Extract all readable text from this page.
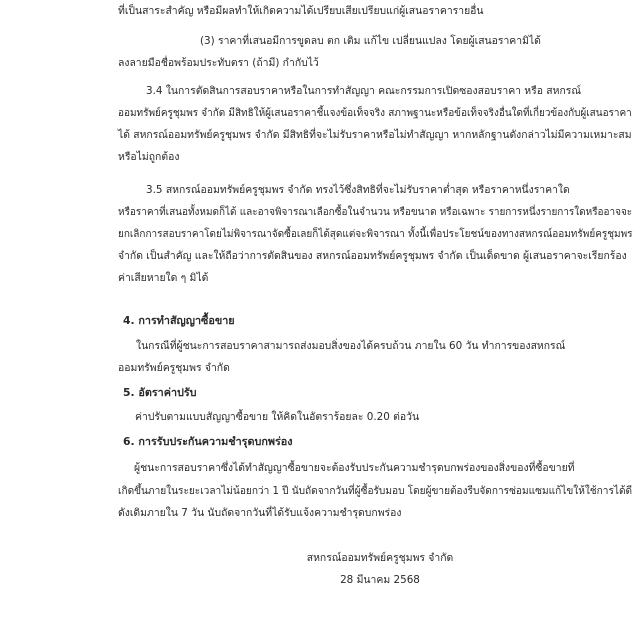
ที่เป็นสาระสำคัญ หรือมีผลทำให้เกิดความได้เปรียบเสียเปรียบแก่ผู้เสนอราคารายอื่น
(3) ราคาที่เสนอมีการขูดลบ ตก เติม แก้ไข เปลี่ยนแปลง โดยผู้เสนอราคามิได้
ลงลายมือชื่อพร้อมประทับตรา (ถ้ามี) กำกับไว้
3.4 ในการตัดสินการสอบราคาหรือในการทำสัญญา คณะกรรมการเปิดซองสอบราคา หรือ สหกรณ์
ออมทรัพย์ครูชุมพร จำกัด มีสิทธิให้ผู้เสนอราคาชี้แจงข้อเท็จจริง สภาพฐานะหรือข้อเท็จจริงอื่นใดที่เกี่ยวข้องกับผู้เสนอราคา
ได้ สหกรณ์ออมทรัพย์ครูชุมพร จำกัด มีสิทธิที่จะไม่รับราคาหรือไม่ทำสัญญา หากหลักฐานดังกล่าวไม่มีความเหมาะสม
หรือไม่ถูกต้อง
3.5 สหกรณ์ออมทรัพย์ครูชุมพร จำกัด ทรงไว้ซึ่งสิทธิที่จะไม่รับราคาต่ำสุด หรือราคาหนึ่งราคาใด
หรือราคาที่เสนอทั้งหมดก็ได้ และอาจพิจารณาเลือกซื้อในจำนวน หรือขนาด หรือเฉพาะ รายการหนึ่งรายการใดหรืออาจจะ
ยกเลิกการสอบราคาโดยไม่พิจารณาจัดซื้อเลยก็ได้สุดแต่จะพิจารณา ทั้งนี้เพื่อประโยชน์ของทางสหกรณ์ออมทรัพย์ครูชุมพร
จำกัด เป็นสำคัญ และให้ถือว่าการตัดสินของ สหกรณ์ออมทรัพย์ครูชุมพร จำกัด เป็นเด็ดขาด ผู้เสนอราคาจะเรียกร้อง
ค่าเสียหายใด ๆ มิได้
4. การทำสัญญาซื้อขาย
ในกรณีที่ผู้ชนะการสอบราคาสามารถส่งมอบสิ่งของได้ครบถ้วน ภายใน 60 วัน ทำการของสหกรณ์
ออมทรัพย์ครูชุมพร จำกัด
5. อัตราค่าปรับ
ค่าปรับตามแบบสัญญาซื้อขาย ให้คิดในอัตราร้อยละ 0.20 ต่อวัน
6. การรับประกันความชำรุดบกพร่อง
ผู้ชนะการสอบราคาซึ่งได้ทำสัญญาซื้อขายจะต้องรับประกันความชำรุดบกพร่องของสิ่งของที่ซื้อขายที่
เกิดขึ้นภายในระยะเวลาไม่น้อยกว่า 1 ปี นับถัดจากวันที่ผู้ซื้อรับมอบ โดยผู้ขายต้องรีบจัดการซ่อมแซมแก้ไขให้ใช้การได้ดี
ดังเดิมภายใน 7 วัน นับถัดจากวันที่ได้รับแจ้งความชำรุดบกพร่อง
สหกรณ์ออมทรัพย์ครูชุมพร จำกัด
28 มีนาคม 2568
